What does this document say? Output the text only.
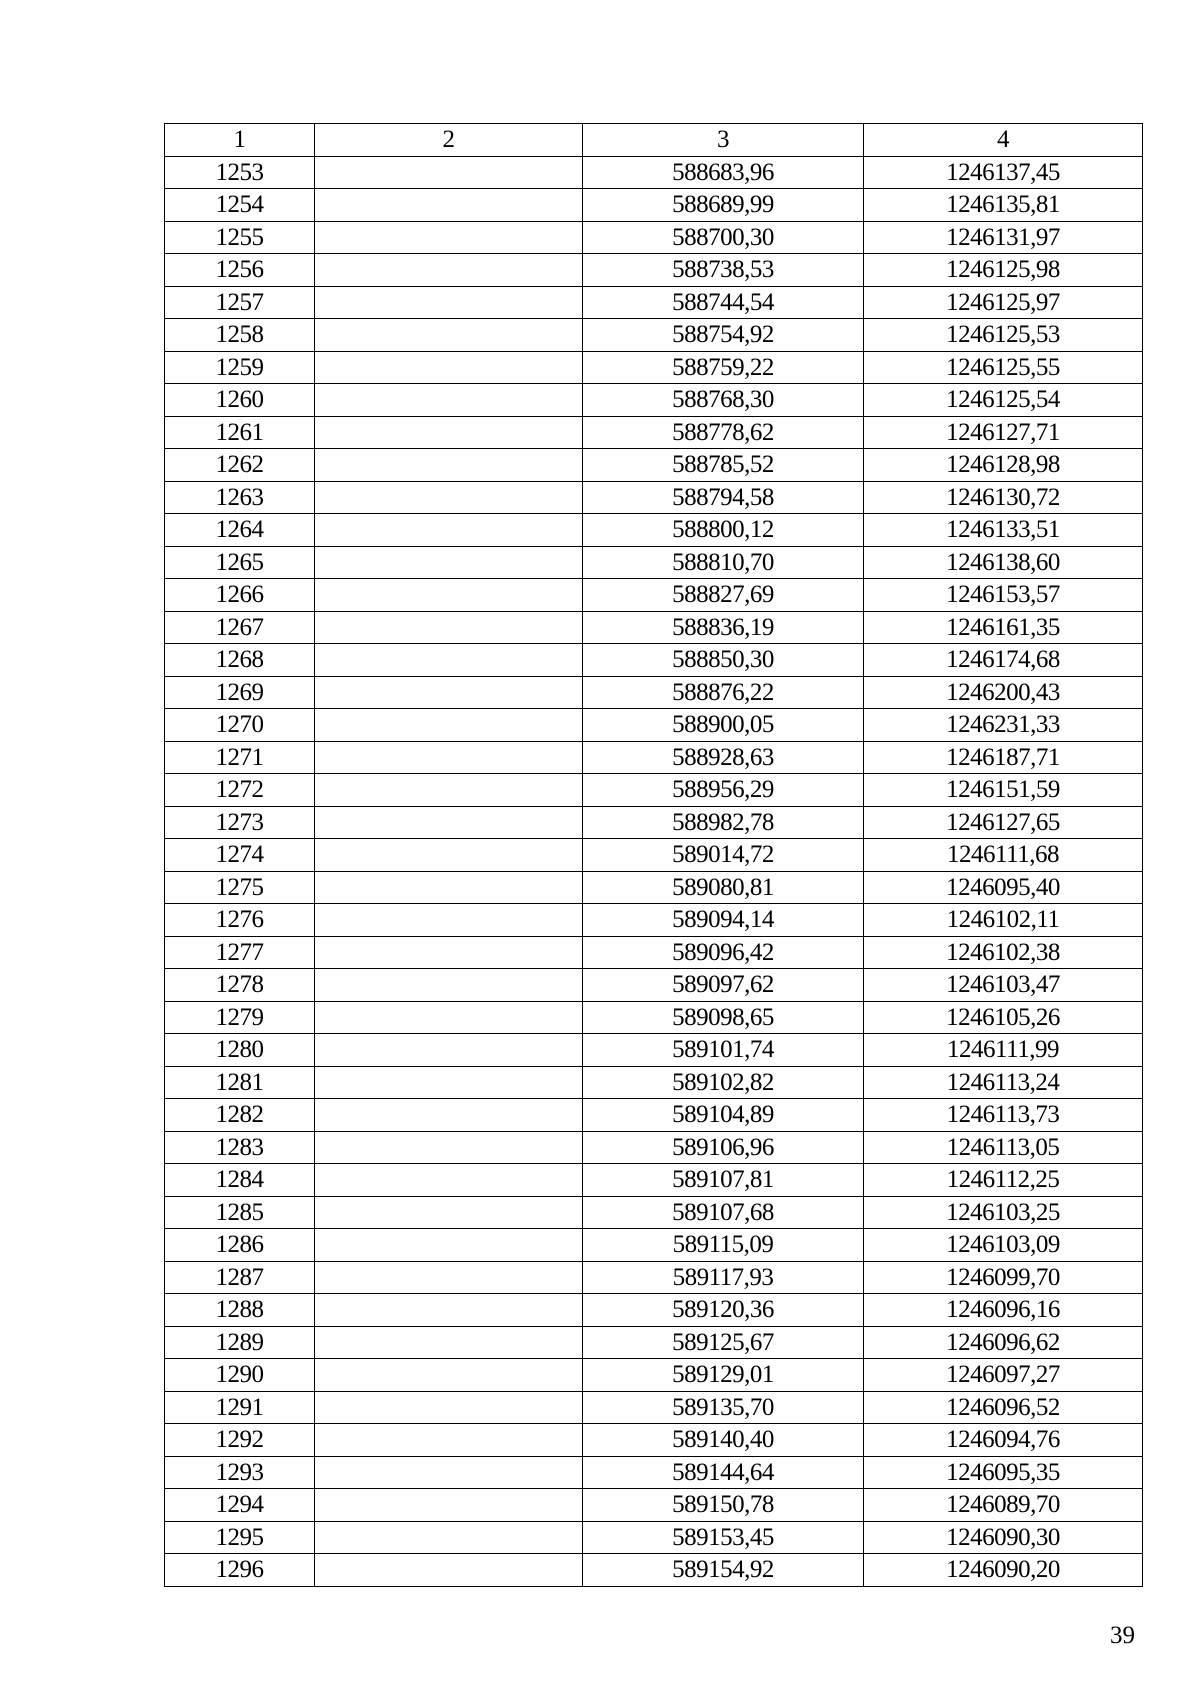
1	2	3	4
1253		588683,96	1246137,45
1254		588689,99	1246135,81
1255		588700,30	1246131,97
1256		588738,53	1246125,98
1257		588744,54	1246125,97
1258		588754,92	1246125,53
1259		588759,22	1246125,55
1260		588768,30	1246125,54
1261		588778,62	1246127,71
1262		588785,52	1246128,98
1263		588794,58	1246130,72
1264		588800,12	1246133,51
1265		588810,70	1246138,60
1266		588827,69	1246153,57
1267		588836,19	1246161,35
1268		588850,30	1246174,68
1269		588876,22	1246200,43
1270		588900,05	1246231,33
1271		588928,63	1246187,71
1272		588956,29	1246151,59
1273		588982,78	1246127,65
1274		589014,72	1246111,68
1275		589080,81	1246095,40
1276		589094,14	1246102,11
1277		589096,42	1246102,38
1278		589097,62	1246103,47
1279		589098,65	1246105,26
1280		589101,74	1246111,99
1281		589102,82	1246113,24
1282		589104,89	1246113,73
1283		589106,96	1246113,05
1284		589107,81	1246112,25
1285		589107,68	1246103,25
1286		589115,09	1246103,09
1287		589117,93	1246099,70
1288		589120,36	1246096,16
1289		589125,67	1246096,62
1290		589129,01	1246097,27
1291		589135,70	1246096,52
1292		589140,40	1246094,76
1293		589144,64	1246095,35
1294		589150,78	1246089,70
1295		589153,45	1246090,30
1296		589154,92	1246090,20
39
